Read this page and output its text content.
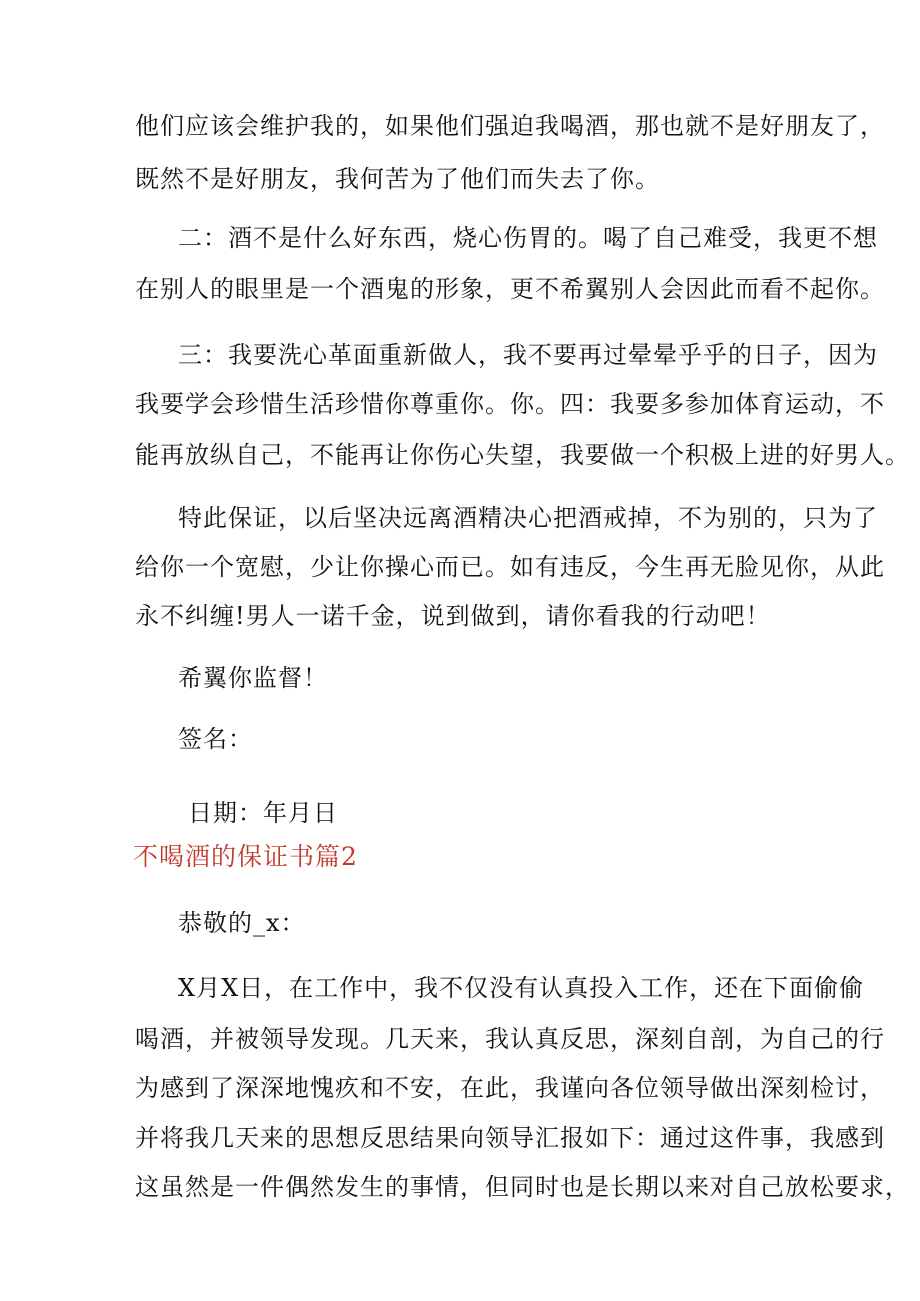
他们应该会维护我的，如果他们强迫我喝酒，那也就不是好朋友了，
既然不是好朋友，我何苦为了他们而失去了你。
二：酒不是什么好东西，烧心伤胃的。喝了自己难受，我更不想
在别人的眼里是一个酒鬼的形象，更不希翼别人会因此而看不起你。
三：我要洗心革面重新做人，我不要再过晕晕乎乎的日子，因为
我要学会珍惜生活珍惜你尊重你。你。四：我要多参加体育运动，不
能再放纵自己，不能再让你伤心失望，我要做一个积极上进的好男人。
特此保证，以后坚决远离酒精决心把酒戒掉，不为别的，只为了
给你一个宽慰，少让你操心而已。如有违反，今生再无脸见你，从此
永不纠缠!男人一诺千金，说到做到，请你看我的行动吧！
希翼你监督！
签名：
日期：年月日
不喝酒的保证书篇2
恭敬的_x：
X月X日，在工作中，我不仅没有认真投入工作，还在下面偷偷
喝酒，并被领导发现。几天来，我认真反思，深刻自剖，为自己的行
为感到了深深地愧疚和不安，在此，我谨向各位领导做出深刻检讨，
并将我几天来的思想反思结果向领导汇报如下：通过这件事，我感到
这虽然是一件偶然发生的事情，但同时也是长期以来对自己放松要求，
